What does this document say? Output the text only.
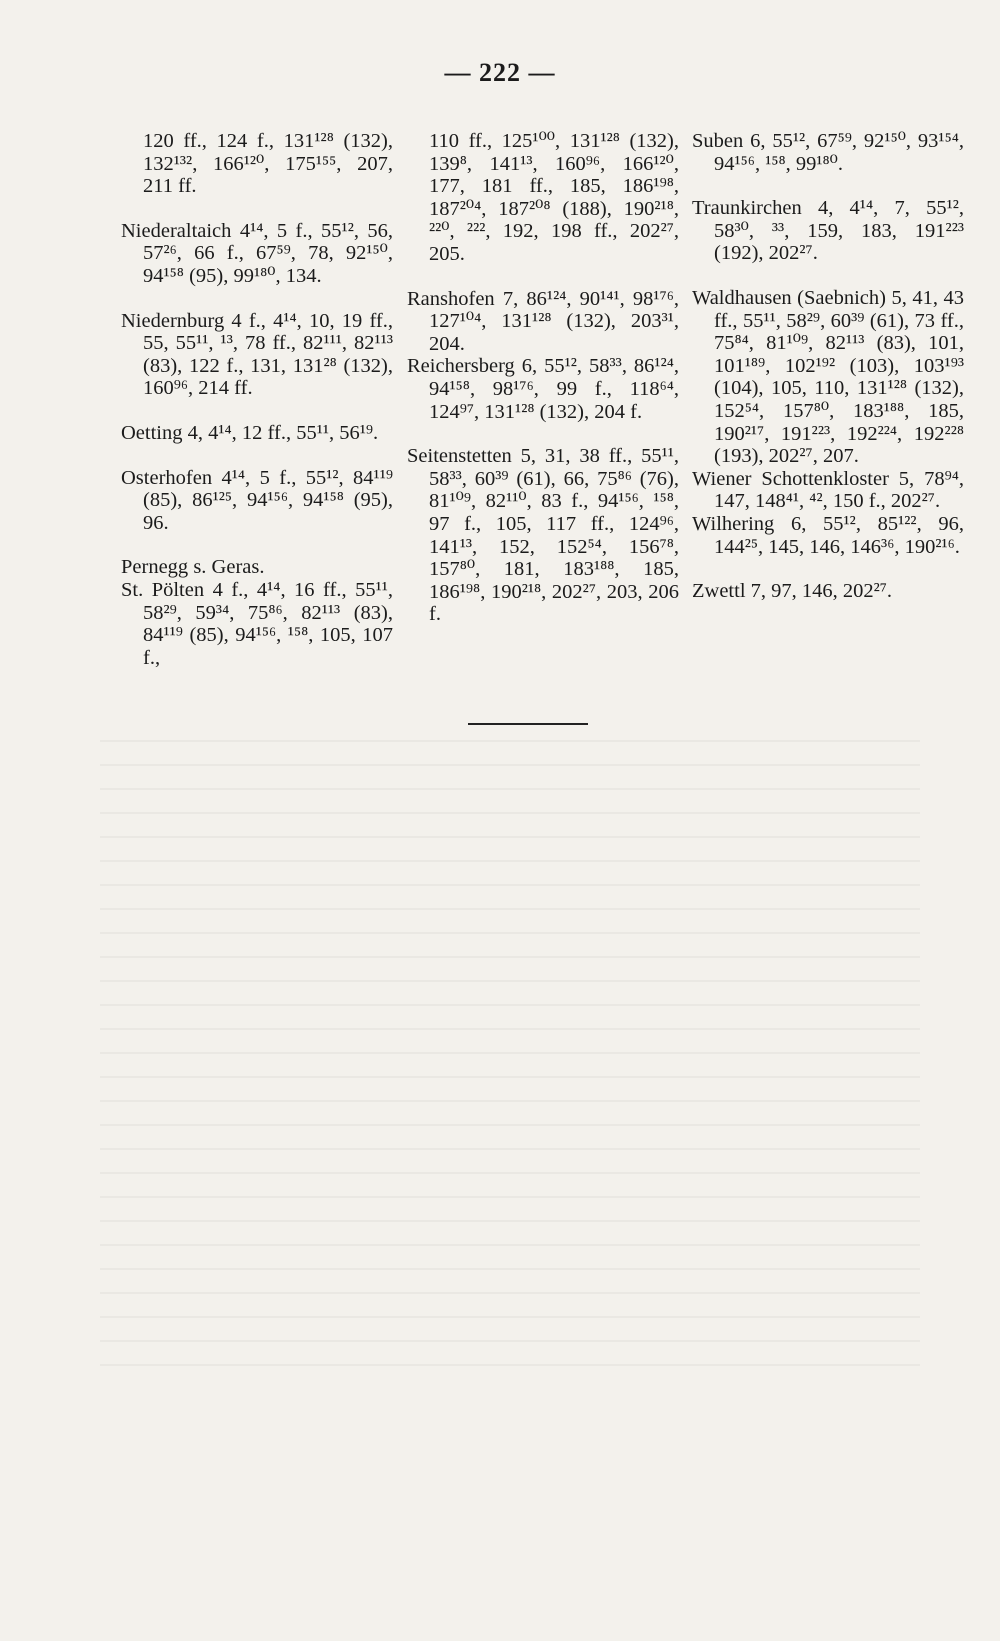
— 222 —

120 ff., 124 f., 131¹²⁸ (132), 132¹³², 166¹²⁰, 175¹⁵⁵, 207, 211 ff.

Niederaltaich 4¹⁴, 5 f., 55¹², 56, 57²⁶, 66 f., 67⁵⁹, 78, 92¹⁵⁰, 94¹⁵⁸ (95), 99¹⁸⁰, 134.

Niedernburg 4 f., 4¹⁴, 10, 19 ff., 55, 55¹¹, ¹³, 78 ff., 82¹¹¹, 82¹¹³ (83), 122 f., 131, 131²⁸ (132), 160⁹⁶, 214 ff.

Oetting 4, 4¹⁴, 12 ff., 55¹¹, 56¹⁹.

Osterhofen 4¹⁴, 5 f., 55¹², 84¹¹⁹ (85), 86¹²⁵, 94¹⁵⁶, 94¹⁵⁸ (95), 96.

Pernegg s. Geras.

St. Pölten 4 f., 4¹⁴, 16 ff., 55¹¹, 58²⁹, 59³⁴, 75⁸⁶, 82¹¹³ (83), 84¹¹⁹ (85), 94¹⁵⁶, ¹⁵⁸, 105, 107 f.,

110 ff., 125¹⁰⁰, 131¹²⁸ (132), 139⁸, 141¹³, 160⁹⁶, 166¹²⁰, 177, 181 ff., 185, 186¹⁹⁸, 187²⁰⁴, 187²⁰⁸ (188), 190²¹⁸, ²²⁰, ²²², 192, 198 ff., 202²⁷, 205.

Ranshofen 7, 86¹²⁴, 90¹⁴¹, 98¹⁷⁶, 127¹⁰⁴, 131¹²⁸ (132), 203³¹, 204.

Reichersberg 6, 55¹², 58³³, 86¹²⁴, 94¹⁵⁸, 98¹⁷⁶, 99 f., 118⁶⁴, 124⁹⁷, 131¹²⁸ (132), 204 f.

Seitenstetten 5, 31, 38 ff., 55¹¹, 58³³, 60³⁹ (61), 66, 75⁸⁶ (76), 81¹⁰⁹, 82¹¹⁰, 83 f., 94¹⁵⁶, ¹⁵⁸, 97 f., 105, 117 ff., 124⁹⁶, 141¹³, 152, 152⁵⁴, 156⁷⁸, 157⁸⁰, 181, 183¹⁸⁸, 185, 186¹⁹⁸, 190²¹⁸, 202²⁷, 203, 206 f.

Suben 6, 55¹², 67⁵⁹, 92¹⁵⁰, 93¹⁵⁴, 94¹⁵⁶, ¹⁵⁸, 99¹⁸⁰.

Traunkirchen 4, 4¹⁴, 7, 55¹², 58³⁰, ³³, 159, 183, 191²²³ (192), 202²⁷.

Waldhausen (Saebnich) 5, 41, 43 ff., 55¹¹, 58²⁹, 60³⁹ (61), 73 ff., 75⁸⁴, 81¹⁰⁹, 82¹¹³ (83), 101, 101¹⁸⁹, 102¹⁹² (103), 103¹⁹³ (104), 105, 110, 131¹²⁸ (132), 152⁵⁴, 157⁸⁰, 183¹⁸⁸, 185, 190²¹⁷, 191²²³, 192²²⁴, 192²²⁸ (193), 202²⁷, 207.

Wiener Schottenkloster 5, 78⁹⁴, 147, 148⁴¹, ⁴², 150 f., 202²⁷.

Wilhering 6, 55¹², 85¹²², 96, 144²⁵, 145, 146, 146³⁶, 190²¹⁶.

Zwettl 7, 97, 146, 202²⁷.
